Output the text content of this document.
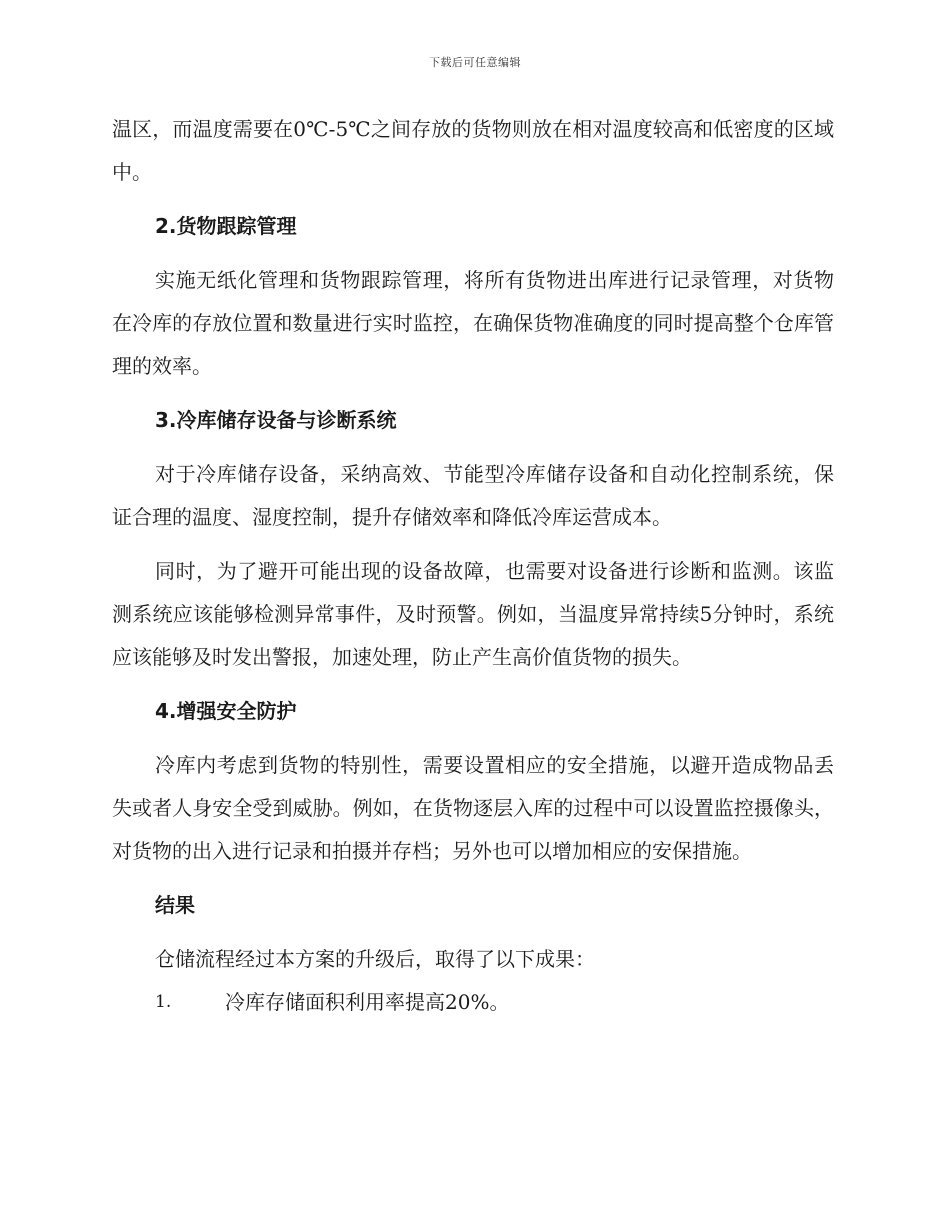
下载后可任意编辑

温区，而温度需要在0℃-5℃之间存放的货物则放在相对温度较高和低密度的区域中。

2.货物跟踪管理

实施无纸化管理和货物跟踪管理，将所有货物进出库进行记录管理，对货物在冷库的存放位置和数量进行实时监控，在确保货物准确度的同时提高整个仓库管理的效率。

3.冷库储存设备与诊断系统

对于冷库储存设备，采纳高效、节能型冷库储存设备和自动化控制系统，保证合理的温度、湿度控制，提升存储效率和降低冷库运营成本。

同时，为了避开可能出现的设备故障，也需要对设备进行诊断和监测。该监测系统应该能够检测异常事件，及时预警。例如，当温度异常持续5分钟时，系统应该能够及时发出警报，加速处理，防止产生高价值货物的损失。

4.增强安全防护

冷库内考虑到货物的特别性，需要设置相应的安全措施，以避开造成物品丢失或者人身安全受到威胁。例如，在货物逐层入库的过程中可以设置监控摄像头，对货物的出入进行记录和拍摄并存档；另外也可以增加相应的安保措施。

结果

仓储流程经过本方案的升级后，取得了以下成果：

1.	冷库存储面积利用率提高20%。
